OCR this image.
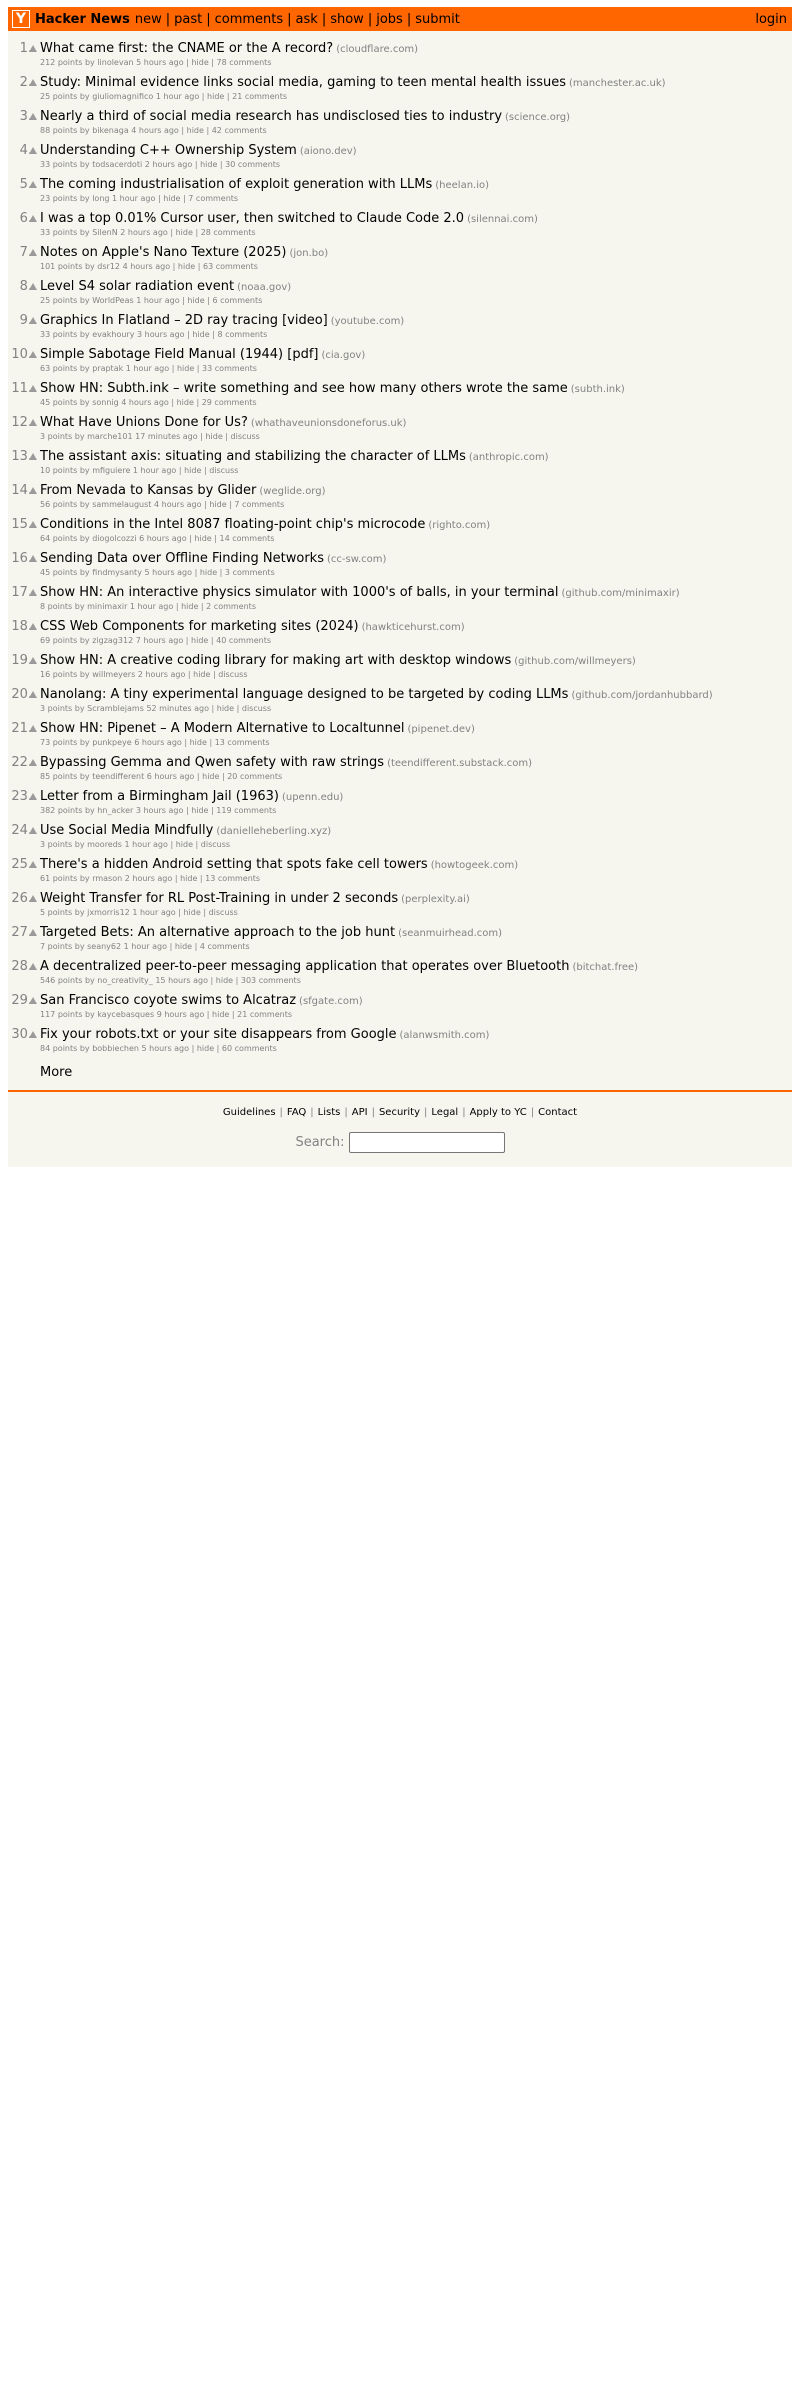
Y Hacker News new | past | comments | ask | show | jobs | submit	login
1. What came first: the CNAME or the A record? (cloudflare.com)
212 points by linolevan 5 hours ago | hide | 78 comments
2. Study: Minimal evidence links social media, gaming to teen mental health issues (manchester.ac.uk)
25 points by giuliomagnifico 1 hour ago | hide | 21 comments
3. Nearly a third of social media research has undisclosed ties to industry (science.org)
88 points by bikenaga 4 hours ago | hide | 42 comments
4. Understanding C++ Ownership System (aiono.dev)
33 points by todsacerdoti 2 hours ago | hide | 30 comments
5. The coming industrialisation of exploit generation with LLMs (heelan.io)
23 points by long 1 hour ago | hide | 7 comments
6. I was a top 0.01% Cursor user, then switched to Claude Code 2.0 (silennai.com)
33 points by SilenN 2 hours ago | hide | 28 comments
7. Notes on Apple's Nano Texture (2025) (jon.bo)
101 points by dsr12 4 hours ago | hide | 63 comments
8. Level S4 solar radiation event (noaa.gov)
25 points by WorldPeas 1 hour ago | hide | 6 comments
9. Graphics In Flatland – 2D ray tracing [video] (youtube.com)
33 points by evakhoury 3 hours ago | hide | 8 comments
10. Simple Sabotage Field Manual (1944) [pdf] (cia.gov)
63 points by praptak 1 hour ago | hide | 33 comments
11. Show HN: Subth.ink – write something and see how many others wrote the same (subth.ink)
45 points by sonnig 4 hours ago | hide | 29 comments
12. What Have Unions Done for Us? (whathaveunionsdoneforus.uk)
3 points by marche101 17 minutes ago | hide | discuss
13. The assistant axis: situating and stabilizing the character of LLMs (anthropic.com)
10 points by mfiguiere 1 hour ago | hide | discuss
14. From Nevada to Kansas by Glider (weglide.org)
56 points by sammelaugust 4 hours ago | hide | 7 comments
15. Conditions in the Intel 8087 floating-point chip's microcode (righto.com)
64 points by diogolcozzi 6 hours ago | hide | 14 comments
16. Sending Data over Offline Finding Networks (cc-sw.com)
45 points by findmysanty 5 hours ago | hide | 3 comments
17. Show HN: An interactive physics simulator with 1000's of balls, in your terminal (github.com/minimaxir)
8 points by minimaxir 1 hour ago | hide | 2 comments
18. CSS Web Components for marketing sites (2024) (hawkticehurst.com)
69 points by zigzag312 7 hours ago | hide | 40 comments
19. Show HN: A creative coding library for making art with desktop windows (github.com/willmeyers)
16 points by willmeyers 2 hours ago | hide | discuss
20. Nanolang: A tiny experimental language designed to be targeted by coding LLMs (github.com/jordanhubbard)
3 points by Scramblejams 52 minutes ago | hide | discuss
21. Show HN: Pipenet – A Modern Alternative to Localtunnel (pipenet.dev)
73 points by punkpeye 6 hours ago | hide | 13 comments
22. Bypassing Gemma and Qwen safety with raw strings (teendifferent.substack.com)
85 points by teendifferent 6 hours ago | hide | 20 comments
23. Letter from a Birmingham Jail (1963) (upenn.edu)
382 points by hn_acker 3 hours ago | hide | 119 comments
24. Use Social Media Mindfully (danielleheberling.xyz)
3 points by mooreds 1 hour ago | hide | discuss
25. There's a hidden Android setting that spots fake cell towers (howtogeek.com)
61 points by rmason 2 hours ago | hide | 13 comments
26. Weight Transfer for RL Post-Training in under 2 seconds (perplexity.ai)
5 points by jxmorris12 1 hour ago | hide | discuss
27. Targeted Bets: An alternative approach to the job hunt (seanmuirhead.com)
7 points by seany62 1 hour ago | hide | 4 comments
28. A decentralized peer-to-peer messaging application that operates over Bluetooth (bitchat.free)
546 points by no_creativity_ 15 hours ago | hide | 303 comments
29. San Francisco coyote swims to Alcatraz (sfgate.com)
117 points by kaycebasques 9 hours ago | hide | 21 comments
30. Fix your robots.txt or your site disappears from Google (alanwsmith.com)
84 points by bobbiechen 5 hours ago | hide | 60 comments
More
Guidelines | FAQ | Lists | API | Security | Legal | Apply to YC | Contact
Search:
